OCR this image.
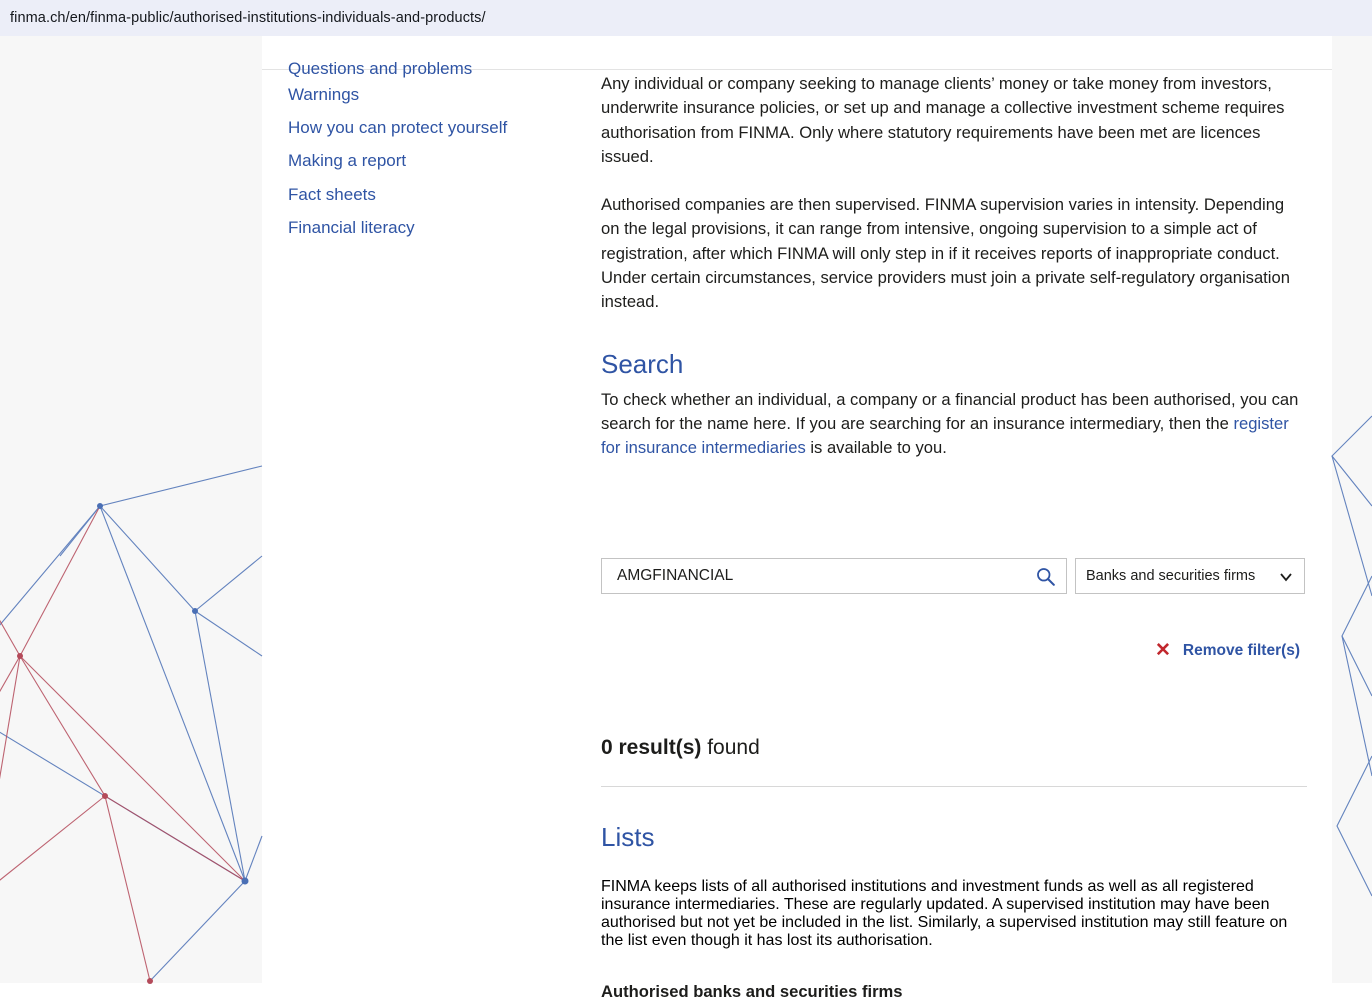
finma.ch/en/finma-public/authorised-institutions-individuals-and-products/
Questions and problems
Warnings
How you can protect yourself
Making a report
Fact sheets
Financial literacy

Any individual or company seeking to manage clients’ money or take money from investors, underwrite insurance policies, or set up and manage a collective investment scheme requires authorisation from FINMA. Only where statutory requirements have been met are licences issued.

Authorised companies are then supervised. FINMA supervision varies in intensity. Depending on the legal provisions, it can range from intensive, ongoing supervision to a simple act of registration, after which FINMA will only step in if it receives reports of inappropriate conduct. Under certain circumstances, service providers must join a private self-regulatory organisation instead.

Search

To check whether an individual, a company or a financial product has been authorised, you can search for the name here. If you are searching for an insurance intermediary, then the register for insurance intermediaries is available to you.

AMGFINANCIAL
Banks and securities firms
✕ Remove filter(s)
0 result(s) found
Lists

FINMA keeps lists of all authorised institutions and investment funds as well as all registered insurance intermediaries. These are regularly updated. A supervised institution may have been authorised but not yet be included in the list. Similarly, a supervised institution may still feature on the list even though it has lost its authorisation.

Authorised banks and securities firms
